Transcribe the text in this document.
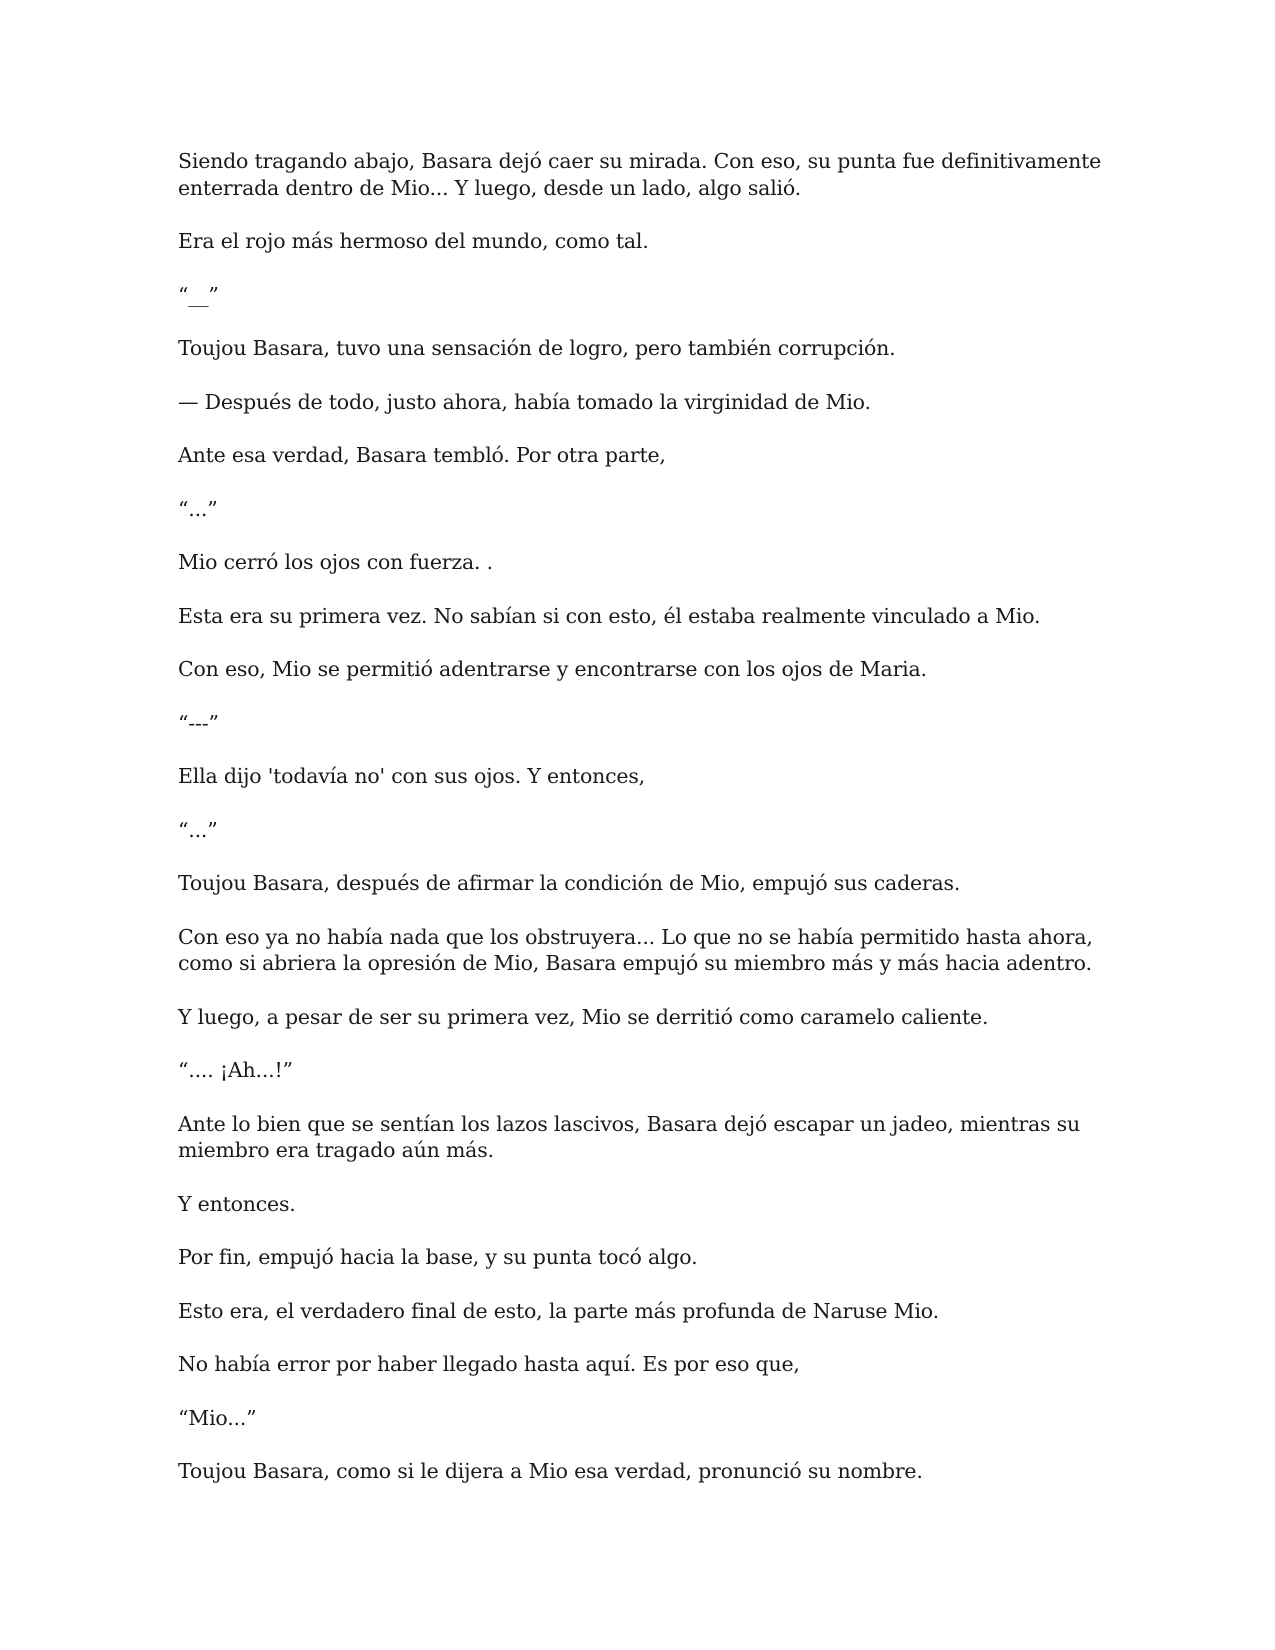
Siendo tragando abajo, Basara dejó caer su mirada. Con eso, su punta fue definitivamente enterrada dentro de Mio... Y luego, desde un lado, algo salió.

Era el rojo más hermoso del mundo, como tal.

“__”

Toujou Basara, tuvo una sensación de logro, pero también corrupción.

— Después de todo, justo ahora, había tomado la virginidad de Mio.

Ante esa verdad, Basara tembló. Por otra parte,

“...”

Mio cerró los ojos con fuerza. .

Esta era su primera vez. No sabían si con esto, él estaba realmente vinculado a Mio.

Con eso, Mio se permitió adentrarse y encontrarse con los ojos de Maria.

“---”

Ella dijo 'todavía no' con sus ojos. Y entonces,

“...”

Toujou Basara, después de afirmar la condición de Mio, empujó sus caderas.

Con eso ya no había nada que los obstruyera... Lo que no se había permitido hasta ahora, como si abriera la opresión de Mio, Basara empujó su miembro más y más hacia adentro.

Y luego, a pesar de ser su primera vez, Mio se derritió como caramelo caliente.

“.... ¡Ah...!”

Ante lo bien que se sentían los lazos lascivos, Basara dejó escapar un jadeo, mientras su miembro era tragado aún más.

Y entonces.

Por fin, empujó hacia la base, y su punta tocó algo.

Esto era, el verdadero final de esto, la parte más profunda de Naruse Mio.

No había error por haber llegado hasta aquí. Es por eso que,

“Mio...”

Toujou Basara, como si le dijera a Mio esa verdad, pronunció su nombre.
